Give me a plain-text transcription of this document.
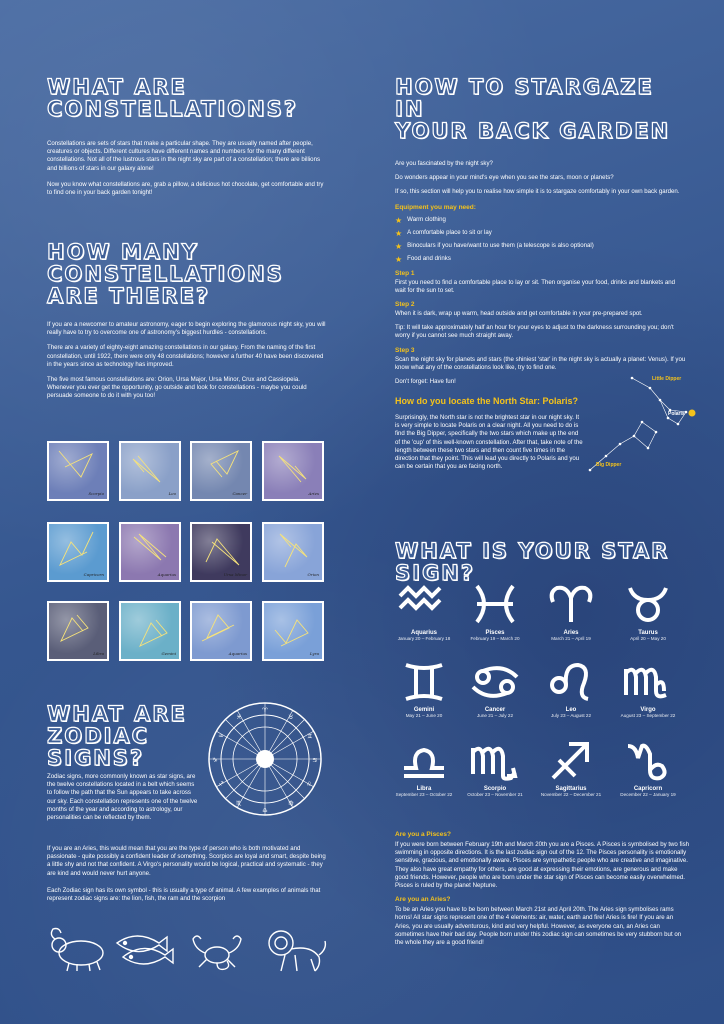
WHAT ARE
CONSTELLATIONS?

Constellations are sets of stars that make a particular shape. They are usually named after people, creatures or objects. Different cultures have different names and numbers for the many different constellations. Not all of the lustrous stars in the night sky are part of a constellation; there are billions and billions of stars in our galaxy alone!

Now you know what constellations are, grab a pillow, a delicious hot chocolate, get comfortable and try to find one in your back garden tonight!

HOW MANY
CONSTELLATIONS
ARE THERE?

If you are a newcomer to amateur astronomy, eager to begin exploring the glamorous night sky, you will really have to try to overcome one of astronomy's biggest hurdles - constellations.

There are a variety of eighty-eight amazing constellations in our galaxy. From the naming of the first constellation, until 1922, there were only 48 constellations; however a further 40 have been discovered in the years since as technology has improved.

The five most famous constellations are: Orion, Ursa Major, Ursa Minor, Crux and Cassiopeia. Whenever you ever get the opportunity, go outside and look for constellations - maybe you could persuade someone to do it with you too!

Scorpio	Leo	Cancer	Aries
Capricorn	Aquarius	Ursa Minor	Orion
Libra	Gemini	Aquarius	Lyra
WHAT ARE
ZODIAC SIGNS?
♈
♉
♊
♋
♌
♍
♎
♏
♐
♑
♒
♓

Zodiac signs, more commonly known as star signs, are the twelve constellations located in a belt which seems to follow the path that the Sun appears to take across our sky. Each constellation represents one of the twelve months of the year and according to astrology, our personalities can be reflected by them.

If you are an Aries, this would mean that you are the type of person who is both motivated and passionate - quite possibly a confident leader of something. Scorpios are loyal and smart, despite being a little shy and not that confident. A Virgo's personality would be logical, practical and systematic - they are kind and would never hurt anyone.

Each Zodiac sign has its own symbol - this is usually a type of animal. A few examples of animals that represent zodiac signs are: the lion, fish, the ram and the scorpion

HOW TO STARGAZE IN
YOUR BACK GARDEN

Are you fascinated by the night sky?

Do wonders appear in your mind's eye when you see the stars, moon or planets?

If so, this section will help you to realise how simple it is to stargaze comfortably in your own back garden.

Equipment you may need:

★ Warm clothing
★ A comfortable place to sit or lay
★ Binoculars if you have/want to use them (a telescope is also optional)
★ Food and drinks

Step 1

First you need to find a comfortable place to lay or sit. Then organise your food, drinks and blankets and wait for the sun to set.

Step 2

When it is dark, wrap up warm, head outside and get comfortable in your pre-prepared spot.

Tip: It will take approximately half an hour for your eyes to adjust to the darkness surrounding you; don't worry if you cannot see much straight away.

Step 3

Scan the night sky for planets and stars (the shiniest 'star' in the night sky is actually a planet: Venus). If you know what any of the constellations look like, try to find one.

Don't forget: Have fun!

How do you locate the North Star: Polaris?

Surprisingly, the North star is not the brightest star in our night sky. It is very simple to locate Polaris on a clear night. All you need to do is find the Big Dipper, specifically the two stars which make up the end of the 'cup' of this well-known constellation. After that, take note of the length between these two stars and then count five times in the direction that they point. This will lead you directly to Polaris and you can be certain that you are facing north.

Little Dipper
Polaris
Big Dipper
WHAT IS YOUR STAR SIGN?
Aquarius
January 20 – February 18
Pisces
February 19 – March 20
Aries
March 21 – April 19
Taurus
April 20 – May 20
Gemini
May 21 – June 20
Cancer
June 21 – July 22
Leo
July 23 – August 22
Virgo
August 23 – September 22
Libra
September 23 – October 22
Scorpio
October 23 – November 21
Sagittarius
November 22 – December 21
Capricorn
December 22 – January 19

Are you a Pisces?

If you were born between February 19th and March 20th you are a Pisces. A Pisces is symbolised by two fish swimming in opposite directions. It is the last zodiac sign out of the 12. The Pisces personality is emotionally sensitive, gracious, and emotionally aware. Pisces are sympathetic people who are creative and imaginative. They also have great empathy for others, are good at expressing their emotions, are generous and make good friends. However, people who are born under the star sign of Pisces can become easily overwhelmed. Pisces is ruled by the planet Neptune.

Are you an Aries?

To be an Aries you have to be born between March 21st and April 20th. The Aries sign symbolises rams horns! All star signs represent one of the 4 elements: air, water, earth and fire! Aries is fire! If you are an Aries, you are usually adventurous, kind and very helpful. However, as everyone can, an Aries can sometimes have their bad day. People born under this zodiac sign can sometimes be very stubborn but on the whole they are a good friend!
